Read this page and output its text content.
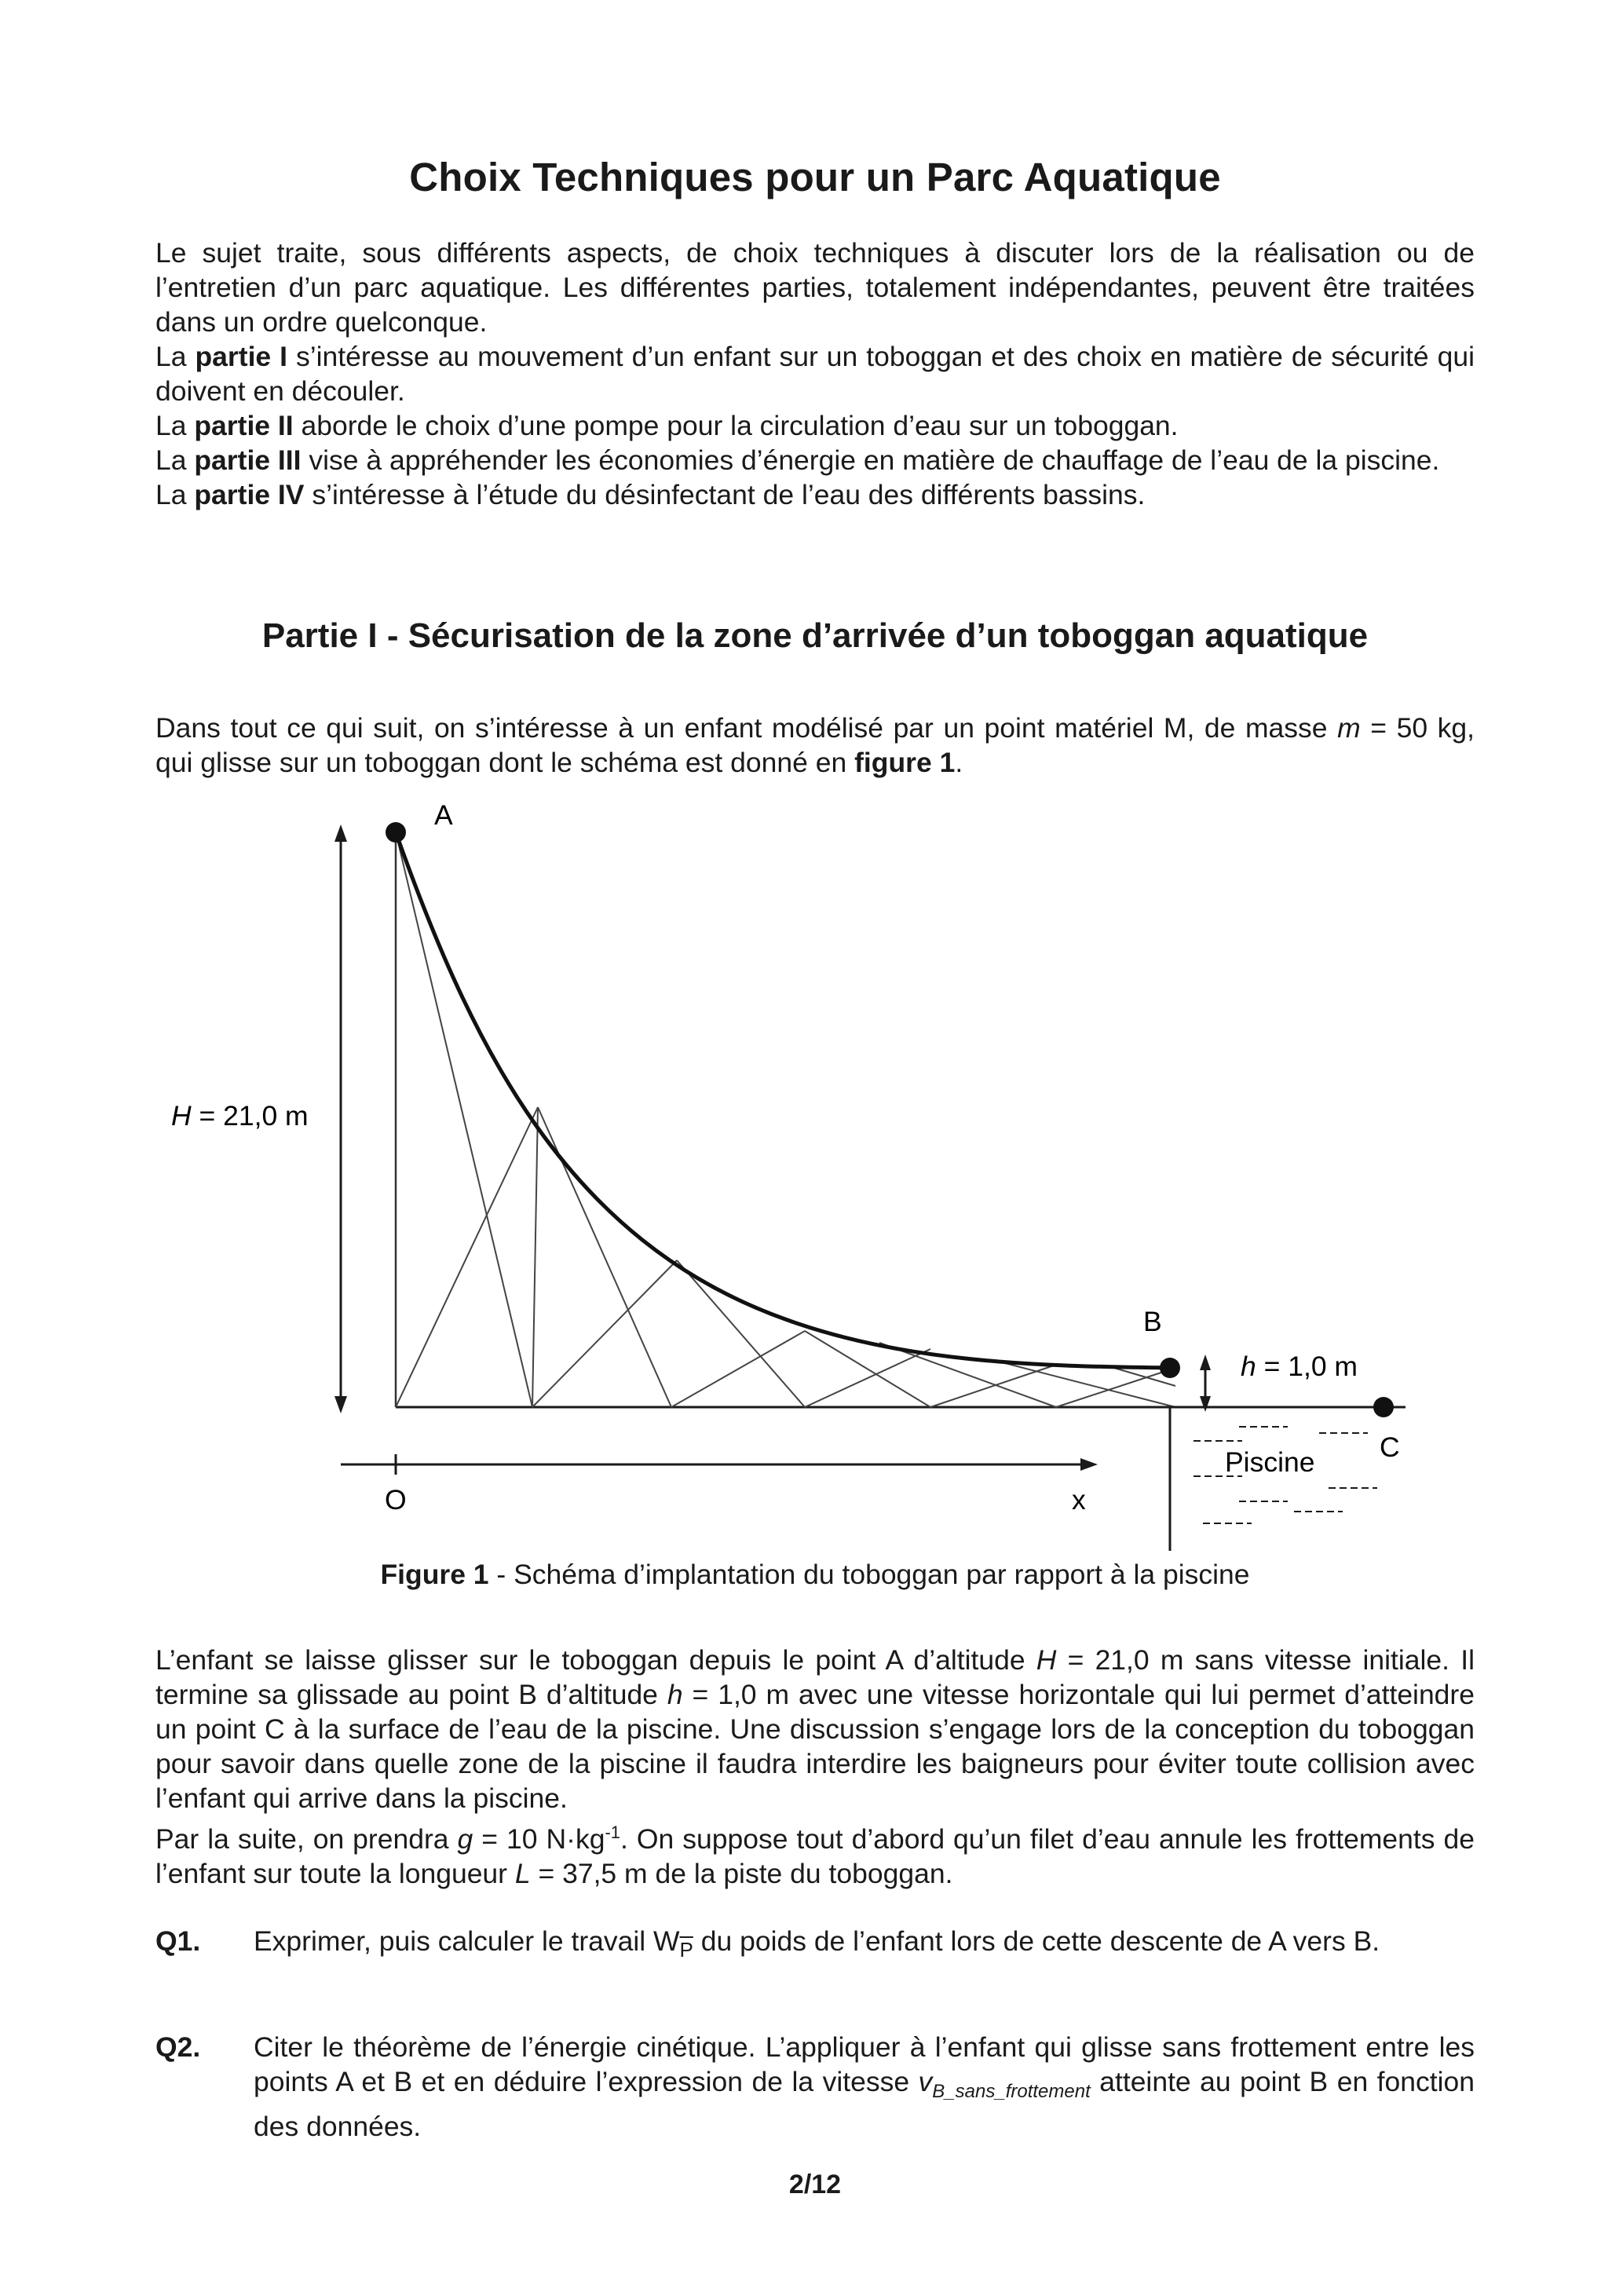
Choix Techniques pour un Parc Aquatique

Le sujet traite, sous différents aspects, de choix techniques à discuter lors de la réalisation ou de l’entretien d’un parc aquatique. Les différentes parties, totalement indépendantes, peuvent être traitées dans un ordre quelconque.

La partie I s’intéresse au mouvement d’un enfant sur un toboggan et des choix en matière de sécurité qui doivent en découler.

La partie II aborde le choix d’une pompe pour la circulation d’eau sur un toboggan.

La partie III vise à appréhender les économies d’énergie en matière de chauffage de l’eau de la piscine.

La partie IV s’intéresse à l’étude du désinfectant de l’eau des différents bassins.

Partie I - Sécurisation de la zone d’arrivée d’un toboggan aquatique

Dans tout ce qui suit, on s’intéresse à un enfant modélisé par un point matériel M, de masse m = 50 kg, qui glisse sur un toboggan dont le schéma est donné en figure 1.

H = 21,0 m
A
B
h = 1,0 m
C
Piscine
O	x
Figure 1 - Schéma d’implantation du toboggan par rapport à la piscine

L’enfant se laisse glisser sur le toboggan depuis le point A d’altitude H = 21,0 m sans vitesse initiale. Il termine sa glissade au point B d’altitude h = 1,0 m avec une vitesse horizontale qui lui permet d’atteindre un point C à la surface de l’eau de la piscine. Une discussion s’engage lors de la conception du toboggan pour savoir dans quelle zone de la piscine il faudra interdire les baigneurs pour éviter toute collision avec l’enfant qui arrive dans la piscine.

Par la suite, on prendra g = 10 $N\cdot kg^{-1}$. On suppose tout d’abord qu’un filet d’eau annule les frottements de l’enfant sur toute la longueur L = 37,5 m de la piste du toboggan.

Q1. Exprimer, puis calculer le travail $W_{\overline{P}}$ du poids de l’enfant lors de cette descente de A vers B.
Q2. Citer le théorème de l’énergie cinétique. L’appliquer à l’enfant qui glisse sans frottement entre les points A et B et en déduire l’expression de la vitesse $v_{B\_sans\_frottement}$ atteinte au point B en fonction des données.
2/12
